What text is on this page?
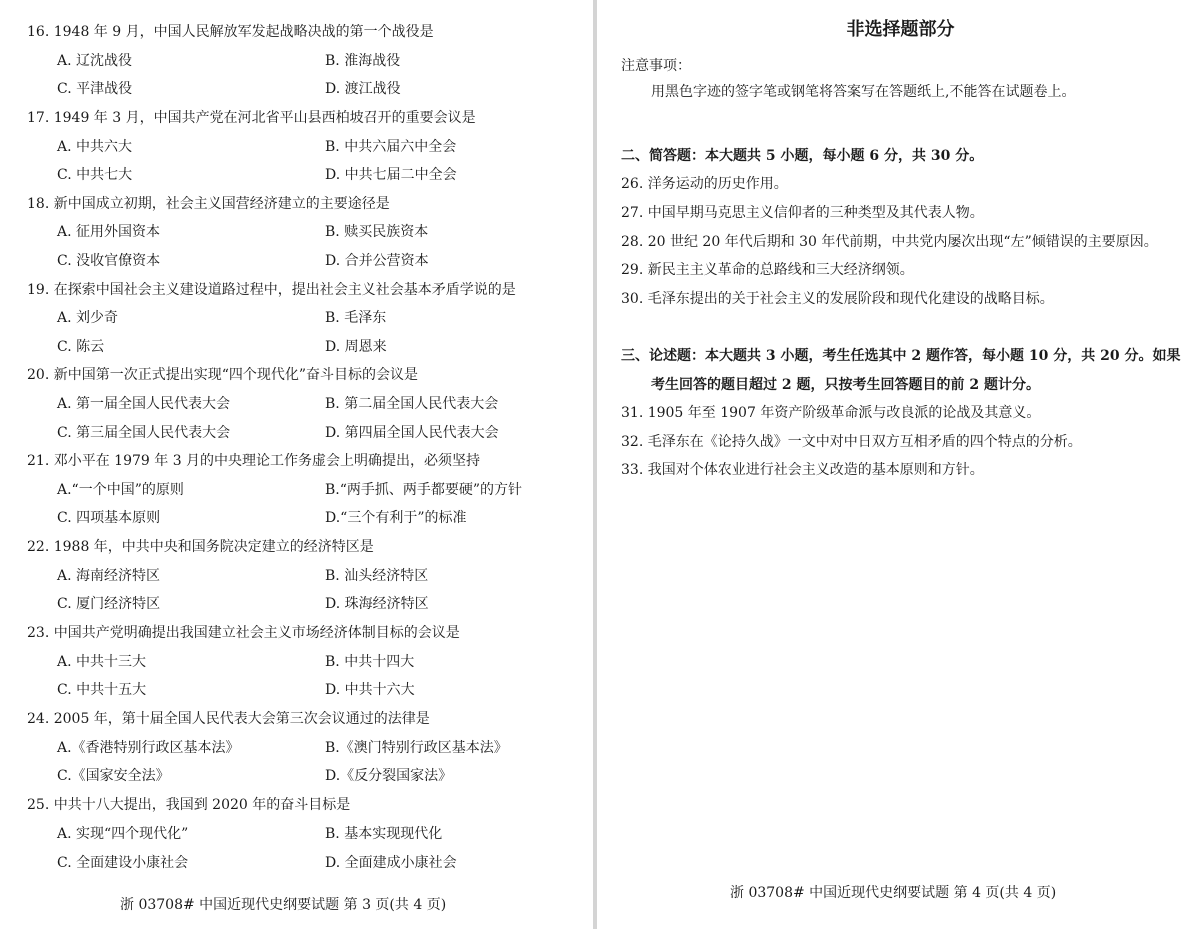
16. 1948 年 9 月，中国人民解放军发起战略决战的第一个战役是
A. 辽沈战役	B. 淮海战役
C. 平津战役	D. 渡江战役
17. 1949 年 3 月，中国共产党在河北省平山县西柏坡召开的重要会议是
A. 中共六大	B. 中共六届六中全会
C. 中共七大	D. 中共七届二中全会
18. 新中国成立初期，社会主义国营经济建立的主要途径是
A. 征用外国资本	B. 赎买民族资本
C. 没收官僚资本	D. 合并公营资本
19. 在探索中国社会主义建设道路过程中，提出社会主义社会基本矛盾学说的是
A. 刘少奇	B. 毛泽东
C. 陈云	D. 周恩来
20. 新中国第一次正式提出实现“四个现代化”奋斗目标的会议是
A. 第一届全国人民代表大会	B. 第二届全国人民代表大会
C. 第三届全国人民代表大会	D. 第四届全国人民代表大会
21. 邓小平在 1979 年 3 月的中央理论工作务虚会上明确提出，必须坚持
A.“一个中国”的原则	B.“两手抓、两手都要硬”的方针
C. 四项基本原则	D.“三个有利于”的标准
22. 1988 年，中共中央和国务院决定建立的经济特区是
A. 海南经济特区	B. 汕头经济特区
C. 厦门经济特区	D. 珠海经济特区
23. 中国共产党明确提出我国建立社会主义市场经济体制目标的会议是
A. 中共十三大	B. 中共十四大
C. 中共十五大	D. 中共十六大
24. 2005 年，第十届全国人民代表大会第三次会议通过的法律是
A.《香港特别行政区基本法》	B.《澳门特别行政区基本法》
C.《国家安全法》	D.《反分裂国家法》
25. 中共十八大提出，我国到 2020 年的奋斗目标是
A. 实现“四个现代化”	B. 基本实现现代化
C. 全面建设小康社会	D. 全面建成小康社会
浙 03708# 中国近现代史纲要试题 第 3 页(共 4 页)
非选择题部分
注意事项：
用黑色字迹的签字笔或钢笔将答案写在答题纸上,不能答在试题卷上。
二、简答题：本大题共 5 小题，每小题 6 分，共 30 分。
26. 洋务运动的历史作用。
27. 中国早期马克思主义信仰者的三种类型及其代表人物。
28. 20 世纪 20 年代后期和 30 年代前期，中共党内屡次出现“左”倾错误的主要原因。
29. 新民主主义革命的总路线和三大经济纲领。
30. 毛泽东提出的关于社会主义的发展阶段和现代化建设的战略目标。
三、论述题：本大题共 3 小题，考生任选其中 2 题作答，每小题 10 分，共 20 分。如果
考生回答的题目超过 2 题，只按考生回答题目的前 2 题计分。
31. 1905 年至 1907 年资产阶级革命派与改良派的论战及其意义。
32. 毛泽东在《论持久战》一文中对中日双方互相矛盾的四个特点的分析。
33. 我国对个体农业进行社会主义改造的基本原则和方针。
浙 03708# 中国近现代史纲要试题 第 4 页(共 4 页)
